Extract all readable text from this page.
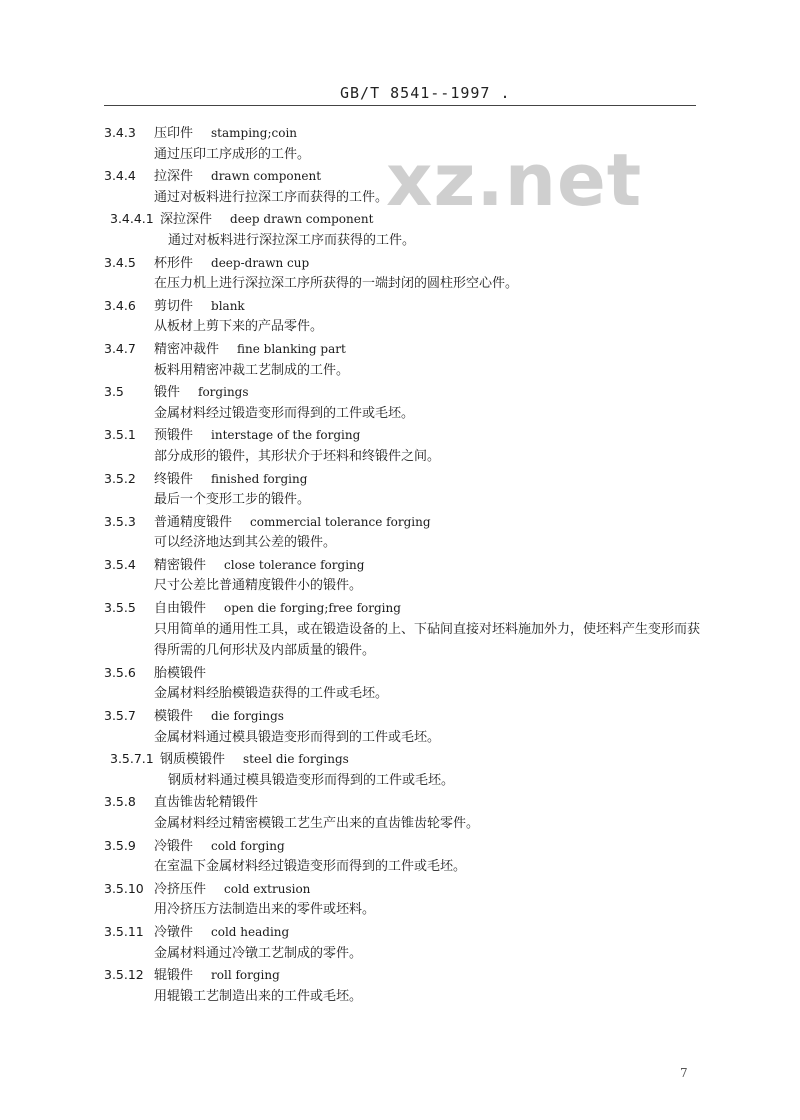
GB/T 8541--1997 .
xz.net
3.4.3 压印件 stamping;coin
通过压印工序成形的工件。
3.4.4 拉深件 drawn component
通过对板料进行拉深工序而获得的工件。
3.4.4.1 深拉深件 deep drawn component
通过对板料进行深拉深工序而获得的工件。
3.4.5 杯形件 deep-drawn cup
在压力机上进行深拉深工序所获得的一端封闭的圆柱形空心件。
3.4.6 剪切件 blank
从板材上剪下来的产品零件。
3.4.7 精密冲裁件 fine blanking part
板料用精密冲裁工艺制成的工件。
3.5 锻件 forgings
金属材料经过锻造变形而得到的工件或毛坯。
3.5.1 预锻件 interstage of the forging
部分成形的锻件，其形状介于坯料和终锻件之间。
3.5.2 终锻件 finished forging
最后一个变形工步的锻件。
3.5.3 普通精度锻件 commercial tolerance forging
可以经济地达到其公差的锻件。
3.5.4 精密锻件 close tolerance forging
尺寸公差比普通精度锻件小的锻件。
3.5.5 自由锻件 open die forging;free forging
只用简单的通用性工具，或在锻造设备的上、下砧间直接对坯料施加外力，使坯料产生变形而获
得所需的几何形状及内部质量的锻件。
3.5.6 胎模锻件
金属材料经胎模锻造获得的工件或毛坯。
3.5.7 模锻件 die forgings
金属材料通过模具锻造变形而得到的工件或毛坯。
3.5.7.1 钢质模锻件 steel die forgings
钢质材料通过模具锻造变形而得到的工件或毛坯。
3.5.8 直齿锥齿轮精锻件
金属材料经过精密模锻工艺生产出来的直齿锥齿轮零件。
3.5.9 冷锻件 cold forging
在室温下金属材料经过锻造变形而得到的工件或毛坯。
3.5.10 冷挤压件 cold extrusion
用冷挤压方法制造出来的零件或坯料。
3.5.11 冷镦件 cold heading
金属材料通过冷镦工艺制成的零件。
3.5.12 辊锻件 roll forging
用辊锻工艺制造出来的工件或毛坯。
7
